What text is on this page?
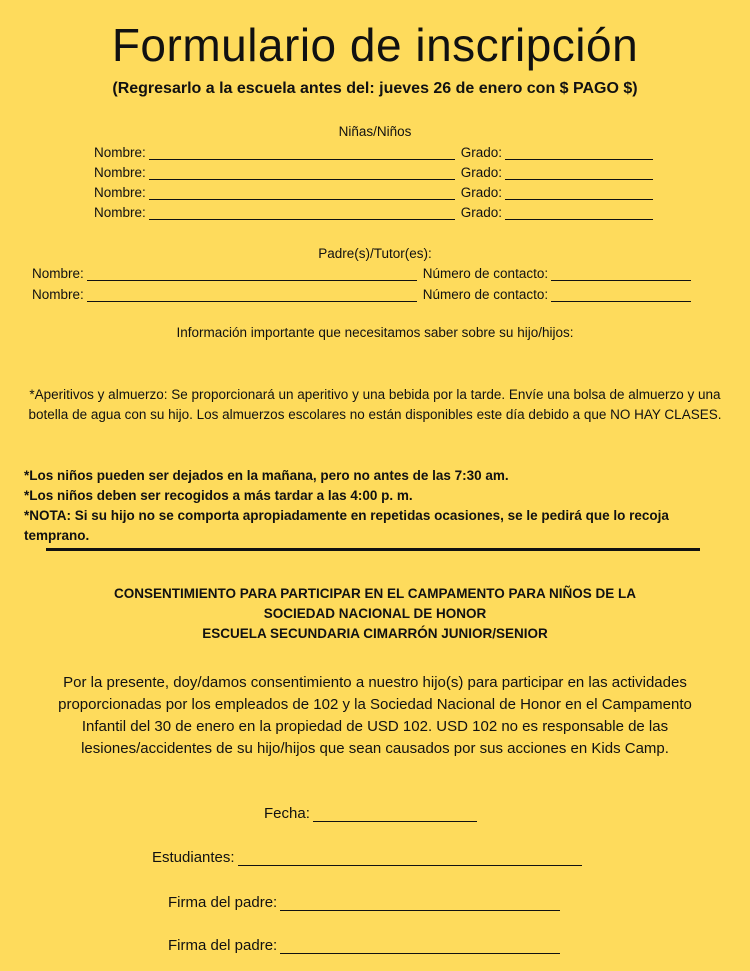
Formulario de inscripción
(Regresarlo a la escuela antes del: jueves 26 de enero con $ PAGO $)
Niñas/Niños
Nombre:	Grado:
Nombre:	Grado:
Nombre:	Grado:
Nombre:	Grado:
Padre(s)/Tutor(es):
Nombre:	Número de contacto:
Nombre:	Número de contacto:
Información importante que necesitamos saber sobre su hijo/hijos:
*Aperitivos y almuerzo: Se proporcionará un aperitivo y una bebida por la tarde. Envíe una bolsa de almuerzo y una botella de agua con su hijo. Los almuerzos escolares no están disponibles este día debido a que NO HAY CLASES.
*Los niños pueden ser dejados en la mañana, pero no antes de las 7:30 am.
*Los niños deben ser recogidos a más tardar a las 4:00 p. m.
*NOTA: Si su hijo no se comporta apropiadamente en repetidas ocasiones, se le pedirá que lo recoja temprano.
CONSENTIMIENTO PARA PARTICIPAR EN EL CAMPAMENTO PARA NIÑOS DE LA
SOCIEDAD NACIONAL DE HONOR
ESCUELA SECUNDARIA CIMARRÓN JUNIOR/SENIOR
Por la presente, doy/damos consentimiento a nuestro hijo(s) para participar en las actividades proporcionadas por los empleados de 102 y la Sociedad Nacional de Honor en el Campamento Infantil del 30 de enero en la propiedad de USD 102. USD 102 no es responsable de las lesiones/accidentes de su hijo/hijos que sean causados por sus acciones en Kids Camp.
Fecha:
Estudiantes:
Firma del padre:
Firma del padre:
